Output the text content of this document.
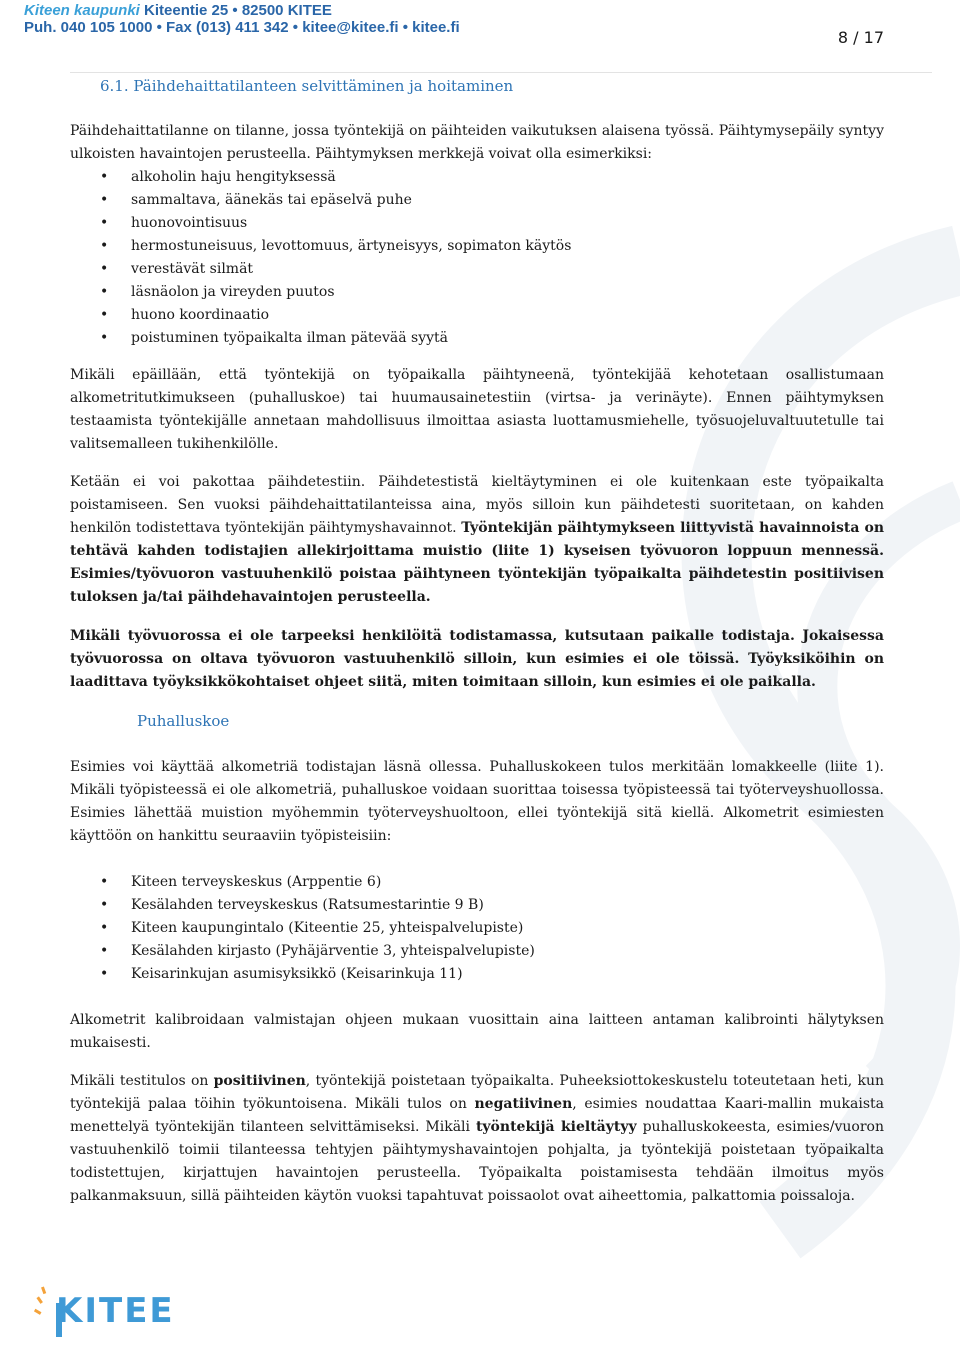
Kiteen kaupunki Kiteentie 25 • 82500 KITEE
Puh. 040 105 1000 • Fax (013) 411 342 • kitee@kitee.fi • kitee.fi
8 / 17
6.1. Päihdehaittatilanteen selvittäminen ja hoitaminen

Päihdehaittatilanne on tilanne, jossa työntekijä on päihteiden vaikutuksen alaisena työssä. Päihtymysepäily syntyy ulkoisten havaintojen perusteella. Päihtymyksen merkkejä voivat olla esimerkiksi:

• alkoholin haju hengityksessä
• sammaltava, äänekäs tai epäselvä puhe
• huonovointisuus
• hermostuneisuus, levottomuus, ärtyneisyys, sopimaton käytös
• verestävät silmät
• läsnäolon ja vireyden puutos
• huono koordinaatio
• poistuminen työpaikalta ilman pätevää syytä

Mikäli epäillään, että työntekijä on työpaikalla päihtyneenä, työntekijää kehotetaan osallistumaan alkometritutkimukseen (puhalluskoe) tai huumausainetestiin (virtsa- ja verinäyte). Ennen päihtymyksen testaamista työntekijälle annetaan mahdollisuus ilmoittaa asiasta luottamusmiehelle, työsuojeluvaltuutetulle tai valitsemalleen tukihenkilölle.

Ketään ei voi pakottaa päihdetestiin. Päihdetestistä kieltäytyminen ei ole kuitenkaan este työpaikalta poistamiseen. Sen vuoksi päihdehaittatilanteissa aina, myös silloin kun päihdetesti suoritetaan, on kahden henkilön todistettava työntekijän päihtymyshavainnot. Työntekijän päihtymykseen liittyvistä havainnoista on tehtävä kahden todistajien allekirjoittama muistio (liite 1) kyseisen työvuoron loppuun mennessä. Esimies/työvuoron vastuuhenkilö poistaa päihtyneen työntekijän työpaikalta päihdetestin positiivisen tuloksen ja/tai päihdehavaintojen perusteella.

Mikäli työvuorossa ei ole tarpeeksi henkilöitä todistamassa, kutsutaan paikalle todistaja. Jokaisessa työvuorossa on oltava työvuoron vastuuhenkilö silloin, kun esimies ei ole töissä. Työyksiköihin on laadittava työyksikkökohtaiset ohjeet siitä, miten toimitaan silloin, kun esimies ei ole paikalla.

Puhalluskoe

Esimies voi käyttää alkometriä todistajan läsnä ollessa. Puhalluskokeen tulos merkitään lomakkeelle (liite 1). Mikäli työpisteessä ei ole alkometriä, puhalluskoe voidaan suorittaa toisessa työpisteessä tai työterveyshuollossa. Esimies lähettää muistion myöhemmin työterveyshuoltoon, ellei työntekijä sitä kiellä. Alkometrit esimiesten käyttöön on hankittu seuraaviin työpisteisiin:

• Kiteen terveyskeskus (Arppentie 6)
• Kesälahden terveyskeskus (Ratsumestarintie 9 B)
• Kiteen kaupungintalo (Kiteentie 25, yhteispalvelupiste)
• Kesälahden kirjasto (Pyhäjärventie 3, yhteispalvelupiste)
• Keisarinkujan asumisyksikkö (Keisarinkuja 11)

Alkometrit kalibroidaan valmistajan ohjeen mukaan vuosittain aina laitteen antaman kalibrointi hälytyksen mukaisesti.

Mikäli testitulos on positiivinen, työntekijä poistetaan työpaikalta. Puheeksiottokeskustelu toteutetaan heti, kun työntekijä palaa töihin työkuntoisena. Mikäli tulos on negatiivinen, esimies noudattaa Kaari-mallin mukaista menettelyä työntekijän tilanteen selvittämiseksi. Mikäli työntekijä kieltäytyy puhalluskokeesta, esimies/vuoron vastuuhenkilö toimii tilanteessa tehtyjen päihtymyshavaintojen pohjalta, ja työntekijä poistetaan työpaikalta todistettujen, kirjattujen havaintojen perusteella. Työpaikalta poistamisesta tehdään ilmoitus myös palkanmaksuun, sillä päihteiden käytön vuoksi tapahtuvat poissaolot ovat aiheettomia, palkattomia poissaloja.

KITEE
